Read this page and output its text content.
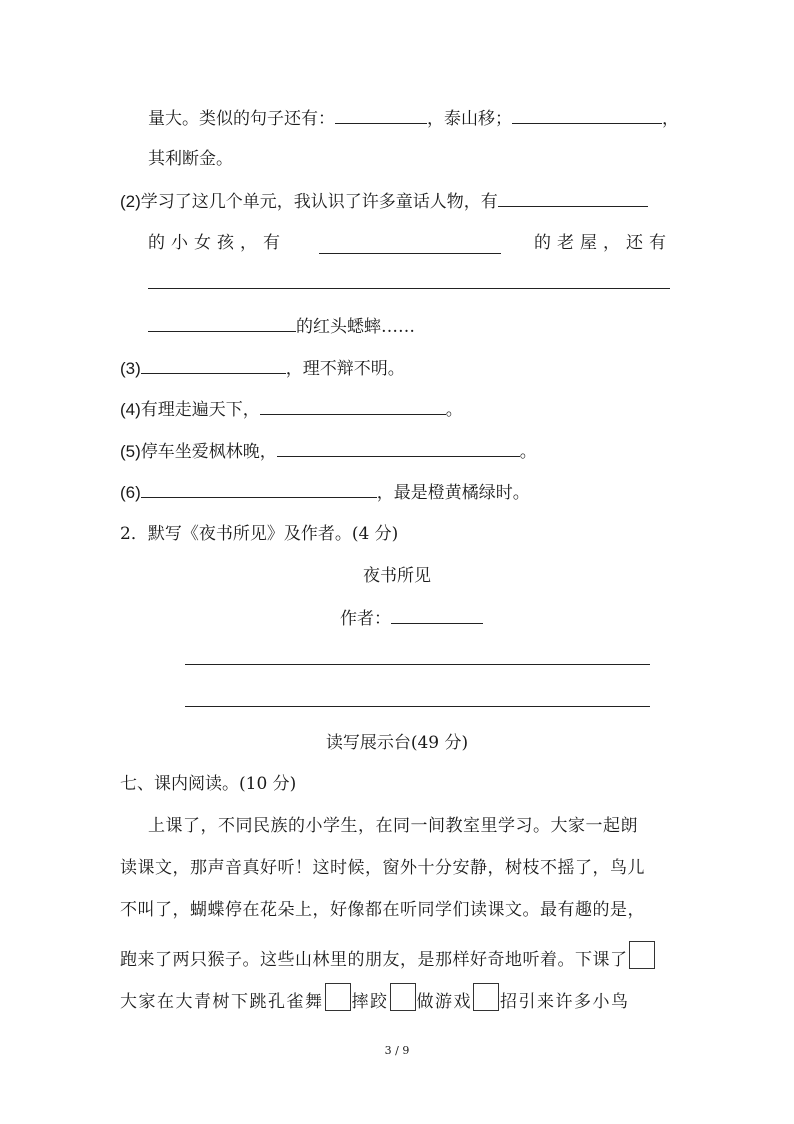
量大。类似的句子还有：	，泰山移；	，
其利断金。
(2)学习了这几个单元，我认识了许多童话人物，有
的小女孩，有	的老屋，还有
的红头蟋蟀……
(3)	，理不辩不明。
(4)有理走遍天下，	。
(5)停车坐爱枫林晚，	。
(6)	，最是橙黄橘绿时。
2．默写《夜书所见》及作者。(4 分)
夜书所见
作者：
读写展示台(49 分)
七、课内阅读。(10 分)
上课了，不同民族的小学生，在同一间教室里学习。大家一起朗
读课文，那声音真好听！这时候，窗外十分安静，树枝不摇了，鸟儿
不叫了，蝴蝶停在花朵上，好像都在听同学们读课文。最有趣的是，
跑来了两只猴子。这些山林里的朋友，是那样好奇地听着。下课了
大家在大青树下跳孔雀舞 摔跤 做游戏 招引来许多小鸟
3 / 9
